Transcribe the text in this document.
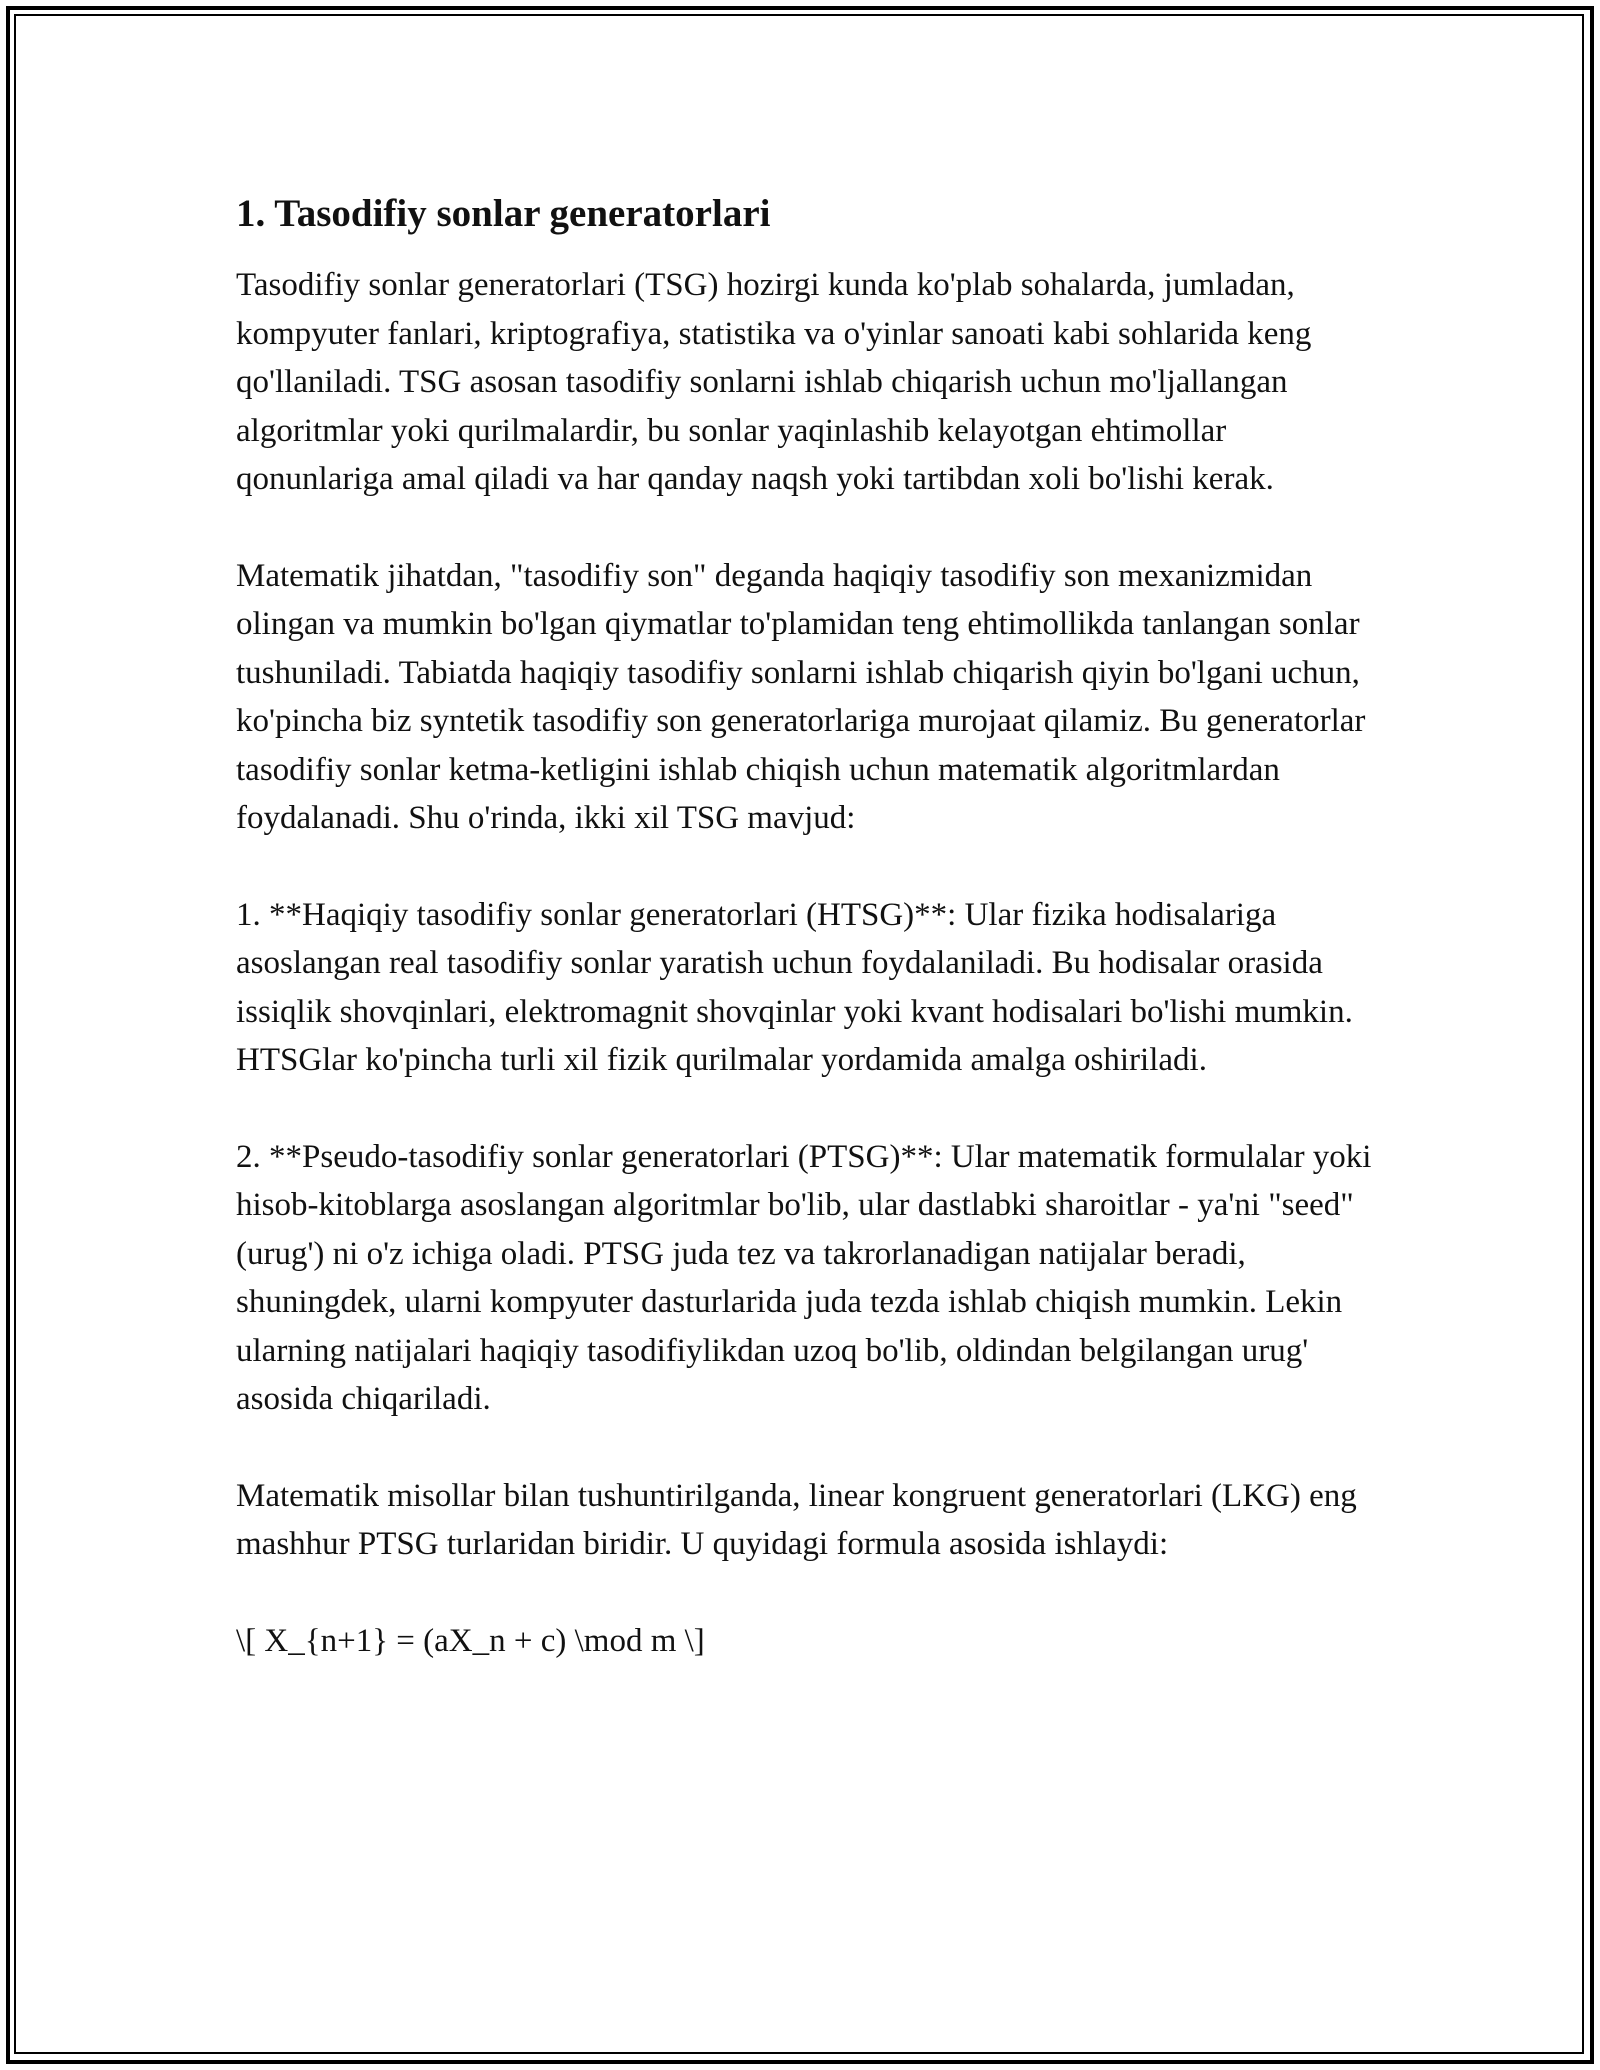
1. Tasodifiy sonlar generatorlari

Tasodifiy sonlar generatorlari (TSG) hozirgi kunda ko'plab sohalarda, jumladan, kompyuter fanlari, kriptografiya, statistika va o'yinlar sanoati kabi sohlarida keng qo'llaniladi. TSG asosan tasodifiy sonlarni ishlab chiqarish uchun mo'ljallangan algoritmlar yoki qurilmalardir, bu sonlar yaqinlashib kelayotgan ehtimollar qonunlariga amal qiladi va har qanday naqsh yoki tartibdan xoli bo'lishi kerak.

Matematik jihatdan, "tasodifiy son" deganda haqiqiy tasodifiy son mexanizmidan olingan va mumkin bo'lgan qiymatlar to'plamidan teng ehtimollikda tanlangan sonlar tushuniladi. Tabiatda haqiqiy tasodifiy sonlarni ishlab chiqarish qiyin bo'lgani uchun, ko'pincha biz syntetik tasodifiy son generatorlariga murojaat qilamiz. Bu generatorlar tasodifiy sonlar ketma-ketligini ishlab chiqish uchun matematik algoritmlardan foydalanadi. Shu o'rinda, ikki xil TSG mavjud:

1. **Haqiqiy tasodifiy sonlar generatorlari (HTSG)**: Ular fizika hodisalariga asoslangan real tasodifiy sonlar yaratish uchun foydalaniladi. Bu hodisalar orasida issiqlik shovqinlari, elektromagnit shovqinlar yoki kvant hodisalari bo'lishi mumkin. HTSGlar ko'pincha turli xil fizik qurilmalar yordamida amalga oshiriladi.

2. **Pseudo-tasodifiy sonlar generatorlari (PTSG)**: Ular matematik formulalar yoki hisob-kitoblarga asoslangan algoritmlar bo'lib, ular dastlabki sharoitlar - ya'ni "seed" (urug') ni o'z ichiga oladi. PTSG juda tez va takrorlanadigan natijalar beradi, shuningdek, ularni kompyuter dasturlarida juda tezda ishlab chiqish mumkin. Lekin ularning natijalari haqiqiy tasodifiylikdan uzoq bo'lib, oldindan belgilangan urug' asosida chiqariladi.

Matematik misollar bilan tushuntirilganda, linear kongruent generatorlari (LKG) eng mashhur PTSG turlaridan biridir. U quyidagi formula asosida ishlaydi:

\[ X_{n+1} = (aX_n + c) \mod m \]
